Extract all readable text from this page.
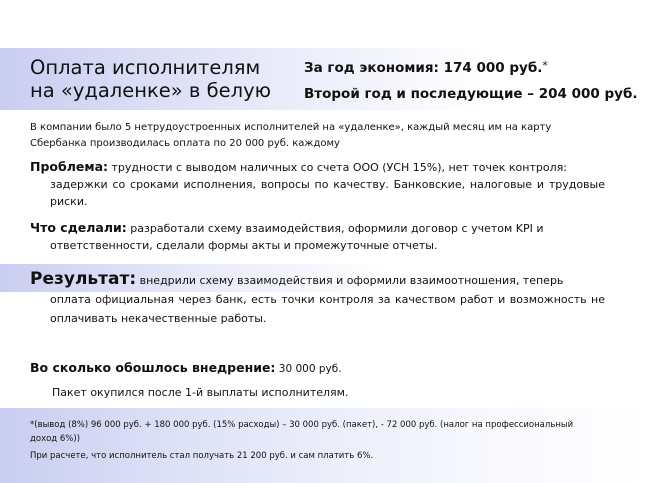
Оплата исполнителям
на «удаленке» в белую
За год экономия: 174 000 руб.*
Второй год и последующие – 204 000 руб.
В компании было 5 нетрудоустроенных исполнителей на «удаленке», каждый месяц им на карту
Сбербанка производилась оплата по 20 000 руб. каждому
Проблема: трудности с выводом наличных со счета ООО (УСН 15%), нет точек контроля:
задержки со сроками исполнения, вопросы по качеству. Банковские, налоговые и трудовые риски.
Что сделали: разработали схему взаимодействия, оформили договор с учетом KPI и
ответственности, сделали формы акты и промежуточные отчеты.
Результат: внедрили схему взаимодействия и оформили взаимоотношения, теперь
оплата официальная через банк, есть точки контроля за качеством работ и возможность не оплачивать некачественные работы.
Во сколько обошлось внедрение: 30 000 руб.
Пакет окупился после 1-й выплаты исполнителям.
*(вывод (8%) 96 000 руб. + 180 000 руб. (15% расходы) – 30 000 руб. (пакет), - 72 000 руб. (налог на профессиональный доход 6%))
При расчете, что исполнитель стал получать 21 200 руб. и сам платить 6%.
